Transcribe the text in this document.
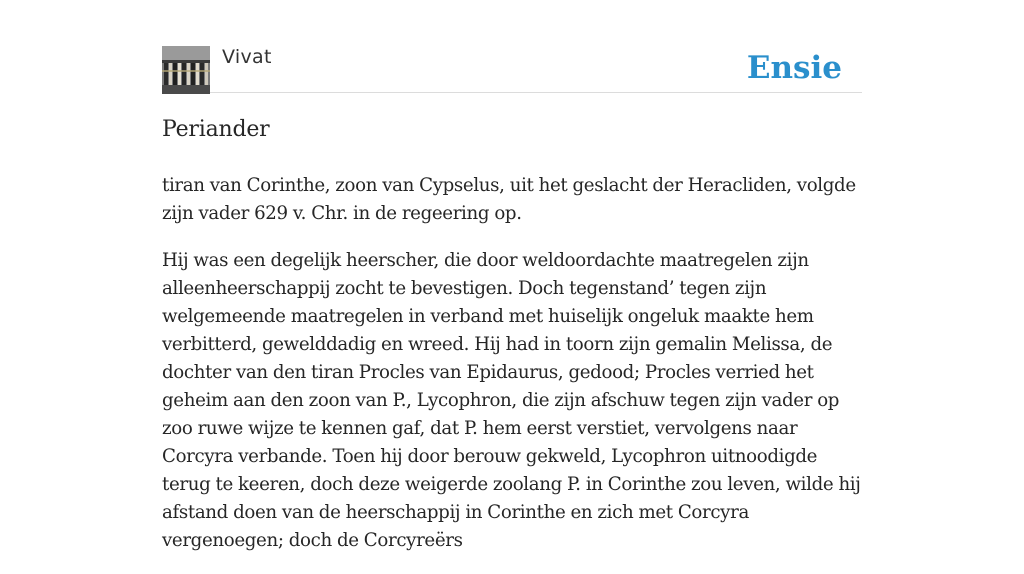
Vivat	Ensie
Periander

tiran van Corinthe, zoon van Cypselus, uit het geslacht der Heracliden, volgde zijn vader 629 v. Chr. in de regeering op.

Hij was een degelijk heerscher, die door weldoordachte maatregelen zijn alleenheerschappij zocht te bevestigen. Doch tegenstand’ tegen zijn welgemeende maatregelen in verband met huiselijk ongeluk maakte hem verbitterd, gewelddadig en wreed. Hij had in toorn zijn gemalin Melissa, de dochter van den tiran Procles van Epidaurus, gedood; Procles verried het geheim aan den zoon van P., Lycophron, die zijn afschuw tegen zijn vader op zoo ruwe wijze te kennen gaf, dat P. hem eerst verstiet, vervolgens naar Corcyra verbande. Toen hij door berouw gekweld, Lycophron uitnoodigde terug te keeren, doch deze weigerde zoolang P. in Corinthe zou leven, wilde hij afstand doen van de heerschappij in Corinthe en zich met Corcyra vergenoegen; doch de Corcyreërs
